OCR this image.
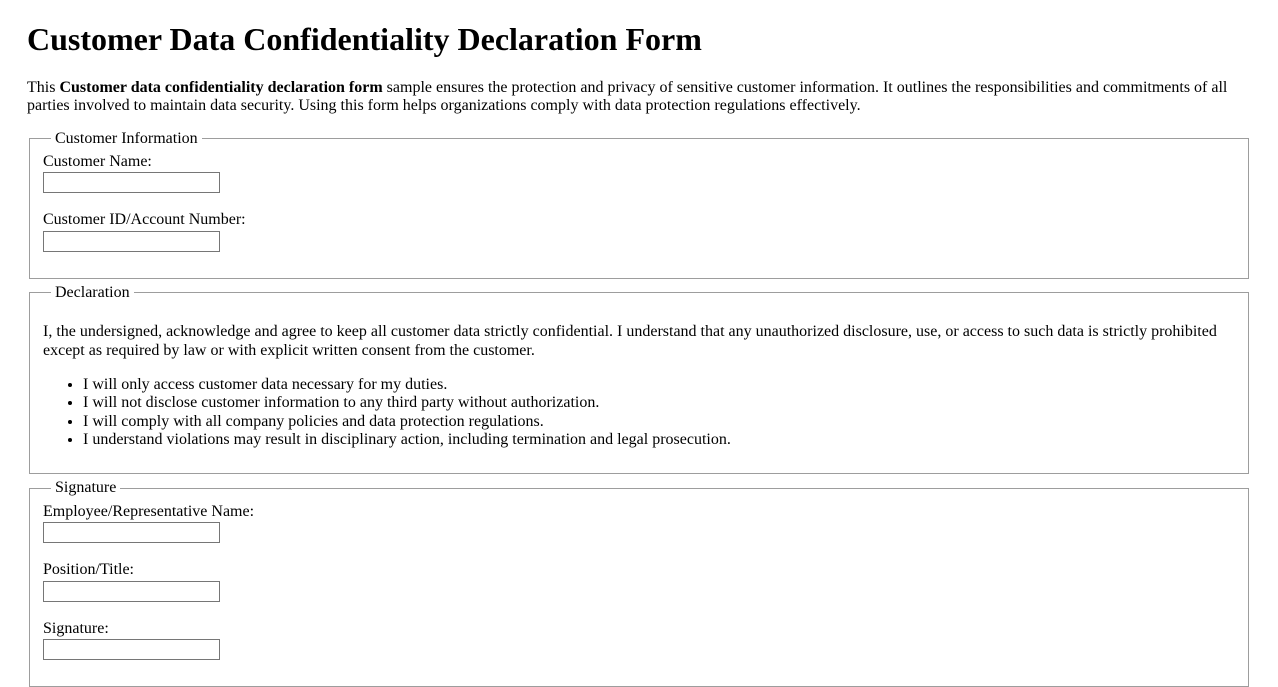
Customer Data Confidentiality Declaration Form

This Customer data confidentiality declaration form sample ensures the protection and privacy of sensitive customer information. It outlines the responsibilities and commitments of all parties involved to maintain data security. Using this form helps organizations comply with data protection regulations effectively.

Customer Information
Customer Name:
Customer ID/Account Number:
Declaration

I, the undersigned, acknowledge and agree to keep all customer data strictly confidential. I understand that any unauthorized disclosure, use, or access to such data is strictly prohibited except as required by law or with explicit written consent from the customer.

• I will only access customer data necessary for my duties.
• I will not disclose customer information to any third party without authorization.
• I will comply with all company policies and data protection regulations.
• I understand violations may result in disciplinary action, including termination and legal prosecution.
Signature
Employee/Representative Name:
Position/Title:
Signature:
